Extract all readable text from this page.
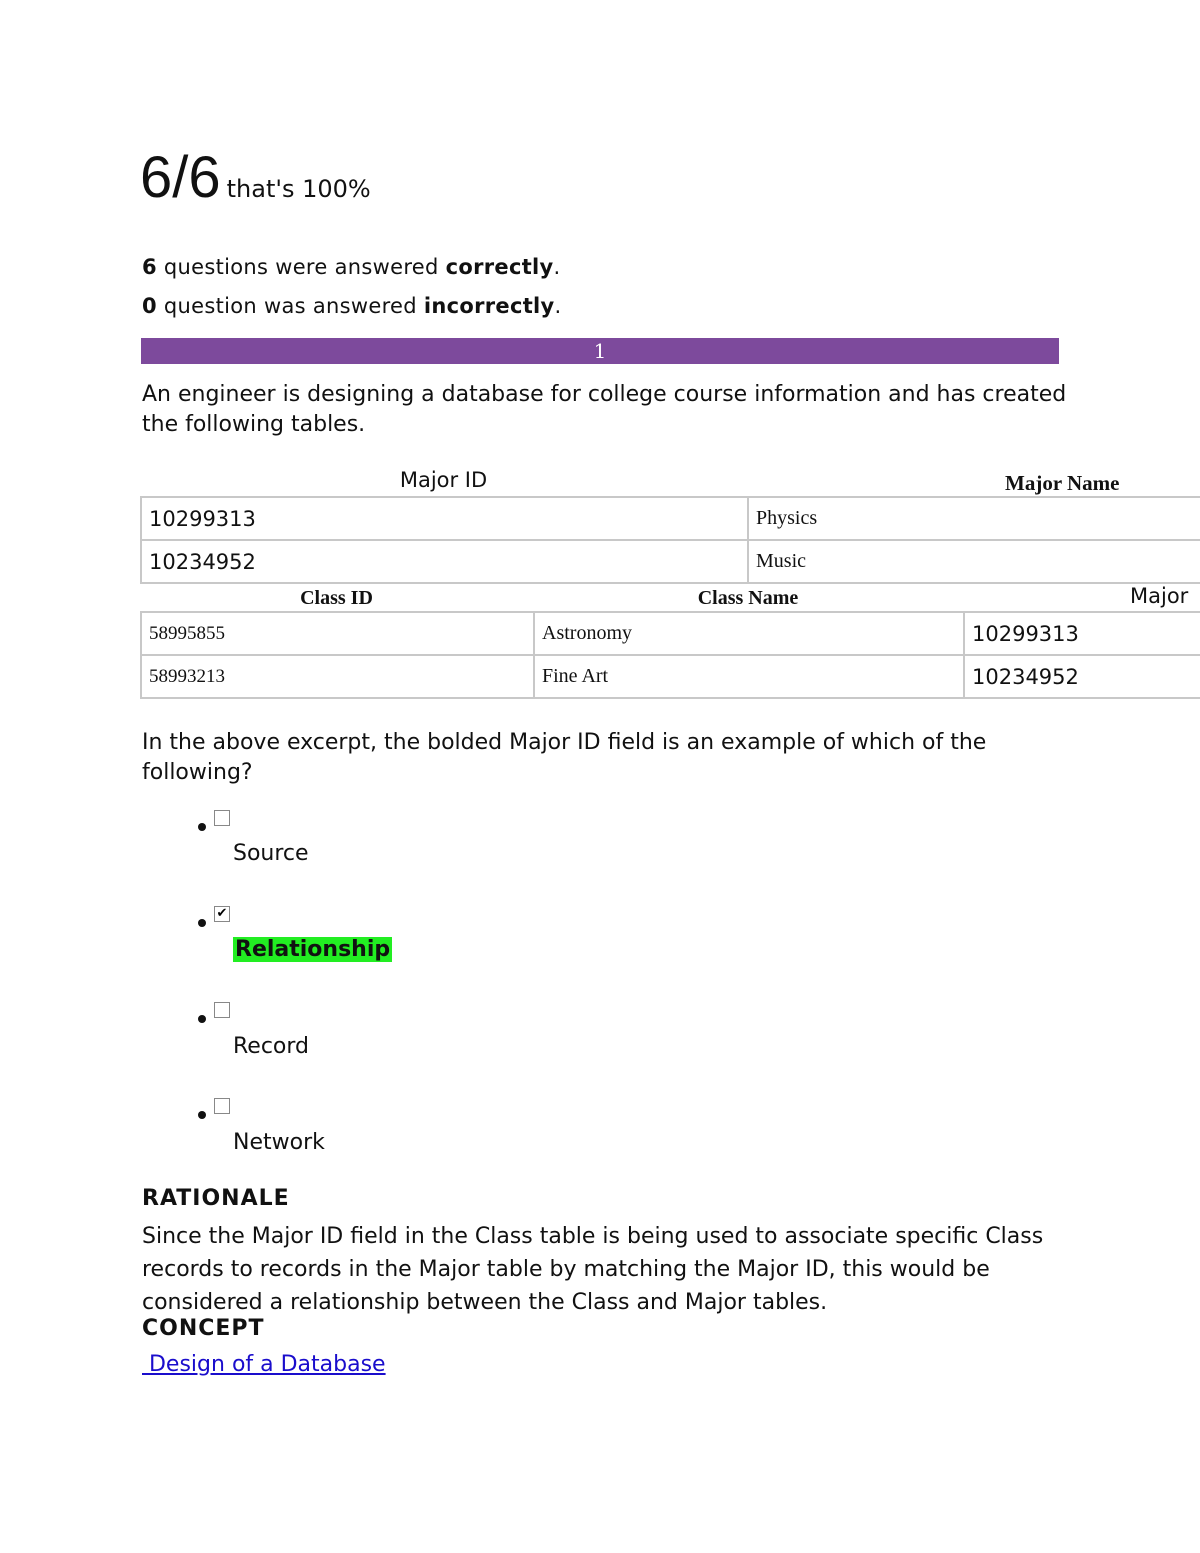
6/6 that's 100%
6 questions were answered correctly.
0 question was answered incorrectly.
1
An engineer is designing a database for college course information and has created the following tables.
Major ID	Major Name
10299313	Physics
10234952	Music
Class ID	Class Name	Major
58995855	Astronomy	10299313
58993213	Fine Art	10234952
In the above excerpt, the bolded Major ID field is an example of which of the following?
Source
✔
Relationship
Record
Network
RATIONALE
Since the Major ID field in the Class table is being used to associate specific Class records to records in the Major table by matching the Major ID, this would be considered a relationship between the Class and Major tables.
CONCEPT
Design of a Database
